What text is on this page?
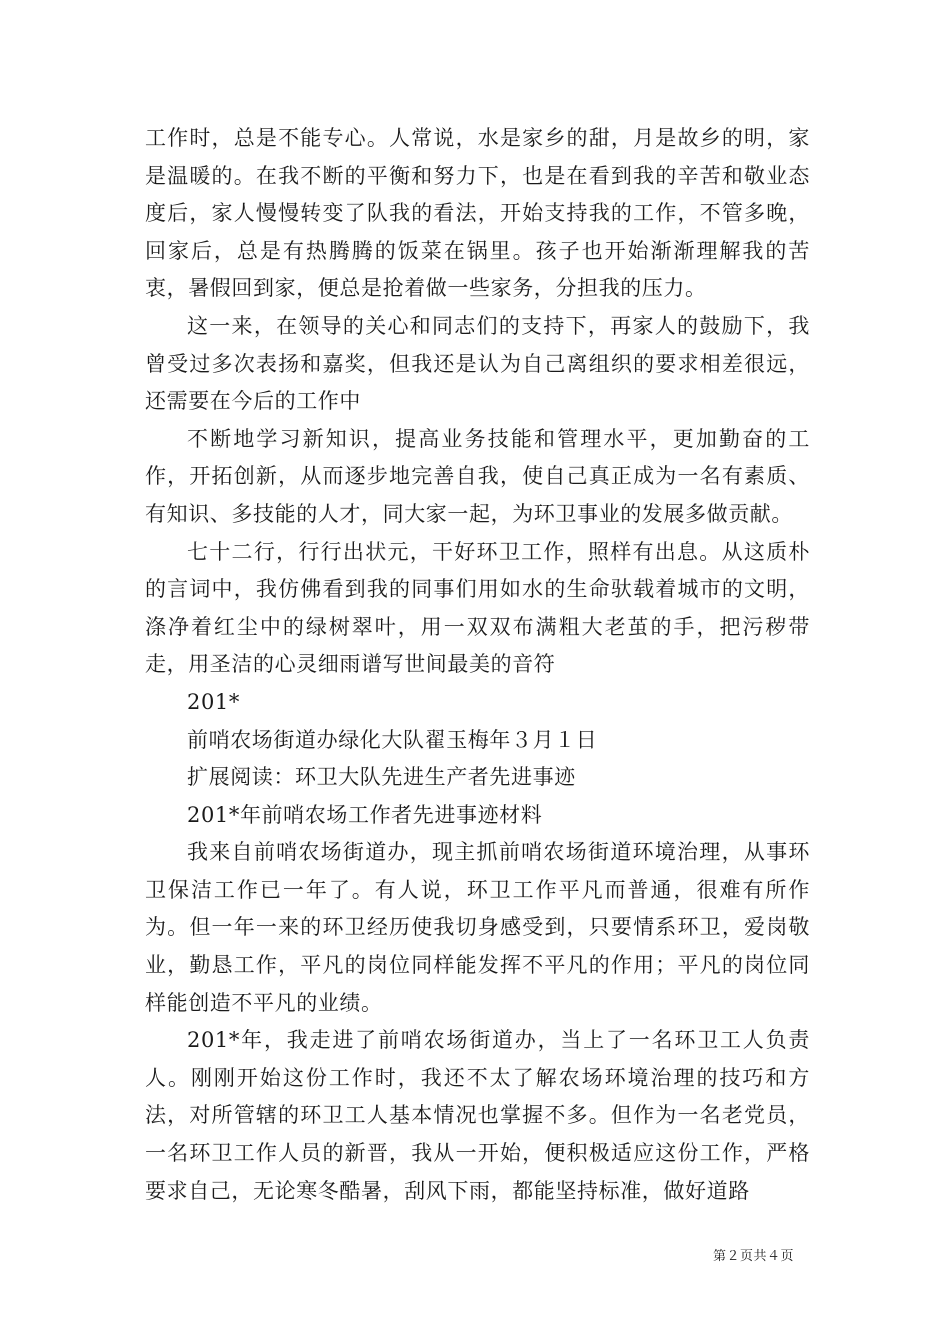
工作时，总是不能专心。人常说，水是家乡的甜，月是故乡的明，家是温暖的。在我不断的平衡和努力下，也是在看到我的辛苦和敬业态度后，家人慢慢转变了队我的看法，开始支持我的工作，不管多晚，回家后，总是有热腾腾的饭菜在锅里。孩子也开始渐渐理解我的苦衷，暑假回到家，便总是抢着做一些家务，分担我的压力。

这一来，在领导的关心和同志们的支持下，再家人的鼓励下，我曾受过多次表扬和嘉奖，但我还是认为自己离组织的要求相差很远，还需要在今后的工作中

不断地学习新知识，提高业务技能和管理水平，更加勤奋的工作，开拓创新，从而逐步地完善自我，使自己真正成为一名有素质、有知识、多技能的人才，同大家一起，为环卫事业的发展多做贡献。

七十二行，行行出状元，干好环卫工作，照样有出息。从这质朴的言词中，我仿佛看到我的同事们用如水的生命驮载着城市的文明，涤净着红尘中的绿树翠叶，用一双双布满粗大老茧的手，把污秽带走，用圣洁的心灵细雨谱写世间最美的音符

201*

前哨农场街道办绿化大队翟玉梅年３月１日

扩展阅读：环卫大队先进生产者先进事迹

201*年前哨农场工作者先进事迹材料

我来自前哨农场街道办，现主抓前哨农场街道环境治理，从事环卫保洁工作已一年了。有人说，环卫工作平凡而普通，很难有所作为。但一年一来的环卫经历使我切身感受到，只要情系环卫，爱岗敬业，勤恳工作，平凡的岗位同样能发挥不平凡的作用；平凡的岗位同样能创造不平凡的业绩。

201*年，我走进了前哨农场街道办，当上了一名环卫工人负责人。刚刚开始这份工作时，我还不太了解农场环境治理的技巧和方法，对所管辖的环卫工人基本情况也掌握不多。但作为一名老党员，一名环卫工作人员的新晋，我从一开始，便积极适应这份工作，严格要求自己，无论寒冬酷暑，刮风下雨，都能坚持标准，做好道路

第２页共４页
